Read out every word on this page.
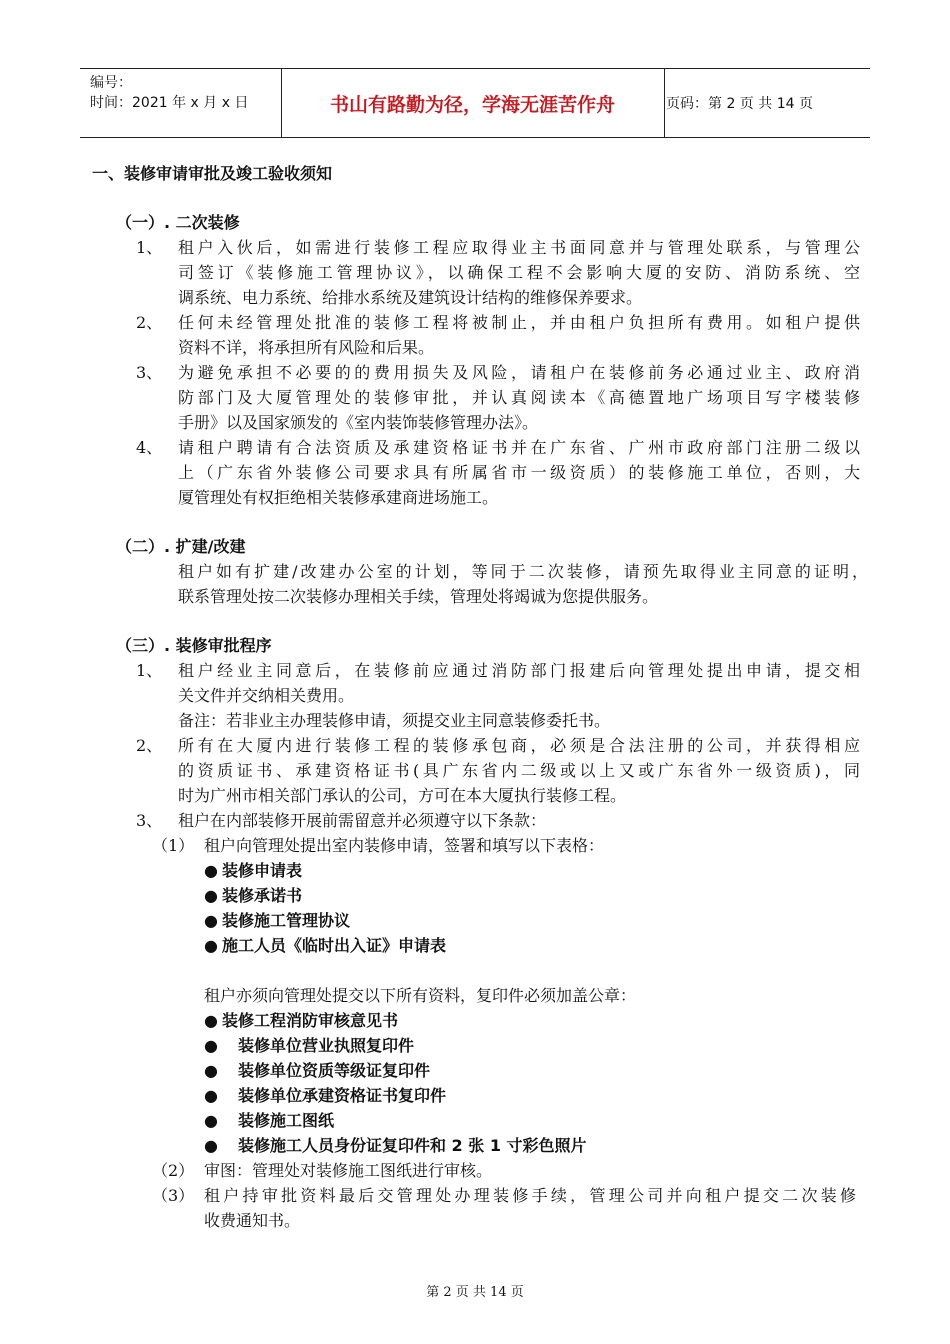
编号：
时间：2021 年 x 月 x 日	书山有路勤为径，学海无涯苦作舟	页码：第 2 页 共 14 页
一、装修审请审批及竣工验收须知
（一）. 二次装修
1、 租户入伙后，如需进行装修工程应取得业主书面同意并与管理处联系，与管理公
司签订《装修施工管理协议》，以确保工程不会影响大厦的安防、消防系统、空
调系统、电力系统、给排水系统及建筑设计结构的维修保养要求。
2、 任何未经管理处批准的装修工程将被制止，并由租户负担所有费用。如租户提供
资料不详，将承担所有风险和后果。
3、 为避免承担不必要的的费用损失及风险，请租户在装修前务必通过业主、政府消
防部门及大厦管理处的装修审批，并认真阅读本《高德置地广场项目写字楼装修
手册》以及国家颁发的《室内装饰装修管理办法》。
4、 请租户聘请有合法资质及承建资格证书并在广东省、广州市政府部门注册二级以
上（广东省外装修公司要求具有所属省市一级资质）的装修施工单位，否则，大
厦管理处有权拒绝相关装修承建商进场施工。
（二）. 扩建/改建
租户如有扩建/改建办公室的计划，等同于二次装修，请预先取得业主同意的证明，
联系管理处按二次装修办理相关手续，管理处将竭诚为您提供服务。
（三）. 装修审批程序
1、 租户经业主同意后，在装修前应通过消防部门报建后向管理处提出申请，提交相
关文件并交纳相关费用。
备注：若非业主办理装修申请，须提交业主同意装修委托书。
2、 所有在大厦内进行装修工程的装修承包商，必须是合法注册的公司，并获得相应
的资质证书、承建资格证书(具广东省内二级或以上又或广东省外一级资质)，同
时为广州市相关部门承认的公司，方可在本大厦执行装修工程。
3、 租户在内部装修开展前需留意并必须遵守以下条款：
（1） 租户向管理处提出室内装修申请，签署和填写以下表格：
● 装修申请表
● 装修承诺书
● 装修施工管理协议
● 施工人员《临时出入证》申请表
租户亦须向管理处提交以下所有资料，复印件必须加盖公章：
● 装修工程消防审核意见书
● 装修单位营业执照复印件
● 装修单位资质等级证复印件
● 装修单位承建资格证书复印件
● 装修施工图纸
● 装修施工人员身份证复印件和 2 张 1 寸彩色照片
（2） 审图：管理处对装修施工图纸进行审核。
（3） 租户持审批资料最后交管理处办理装修手续，管理公司并向租户提交二次装修
收费通知书。
第 2 页 共 14 页
